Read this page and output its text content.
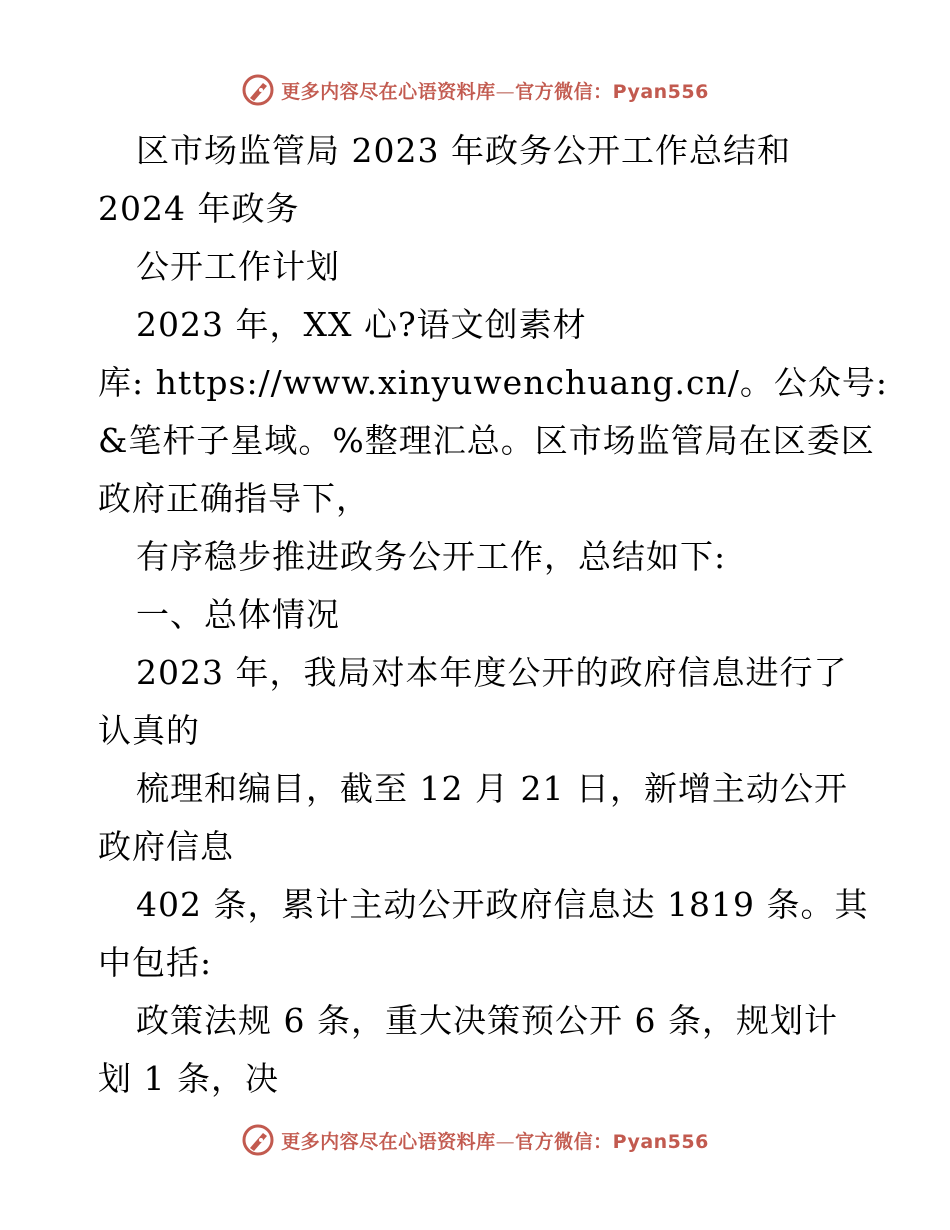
更多内容尽在心语资料库—官方微信：Pyan556
区市场监管局 2023 年政务公开工作总结和
2024 年政务
公开工作计划
2023 年，XX 心?语文创素材
库: https://www.xinyuwenchuang.cn/。公众号:
&笔杆子星域。%整理汇总。区市场监管局在区委区
政府正确指导下，
有序稳步推进政务公开工作，总结如下:
一、总体情况
2023 年，我局对本年度公开的政府信息进行了
认真的
梳理和编目，截至 12 月 21 日，新增主动公开
政府信息
402 条，累计主动公开政府信息达 1819 条。其
中包括:
政策法规 6 条，重大决策预公开 6 条，规划计
划 1 条，决
更多内容尽在心语资料库—官方微信：Pyan556
